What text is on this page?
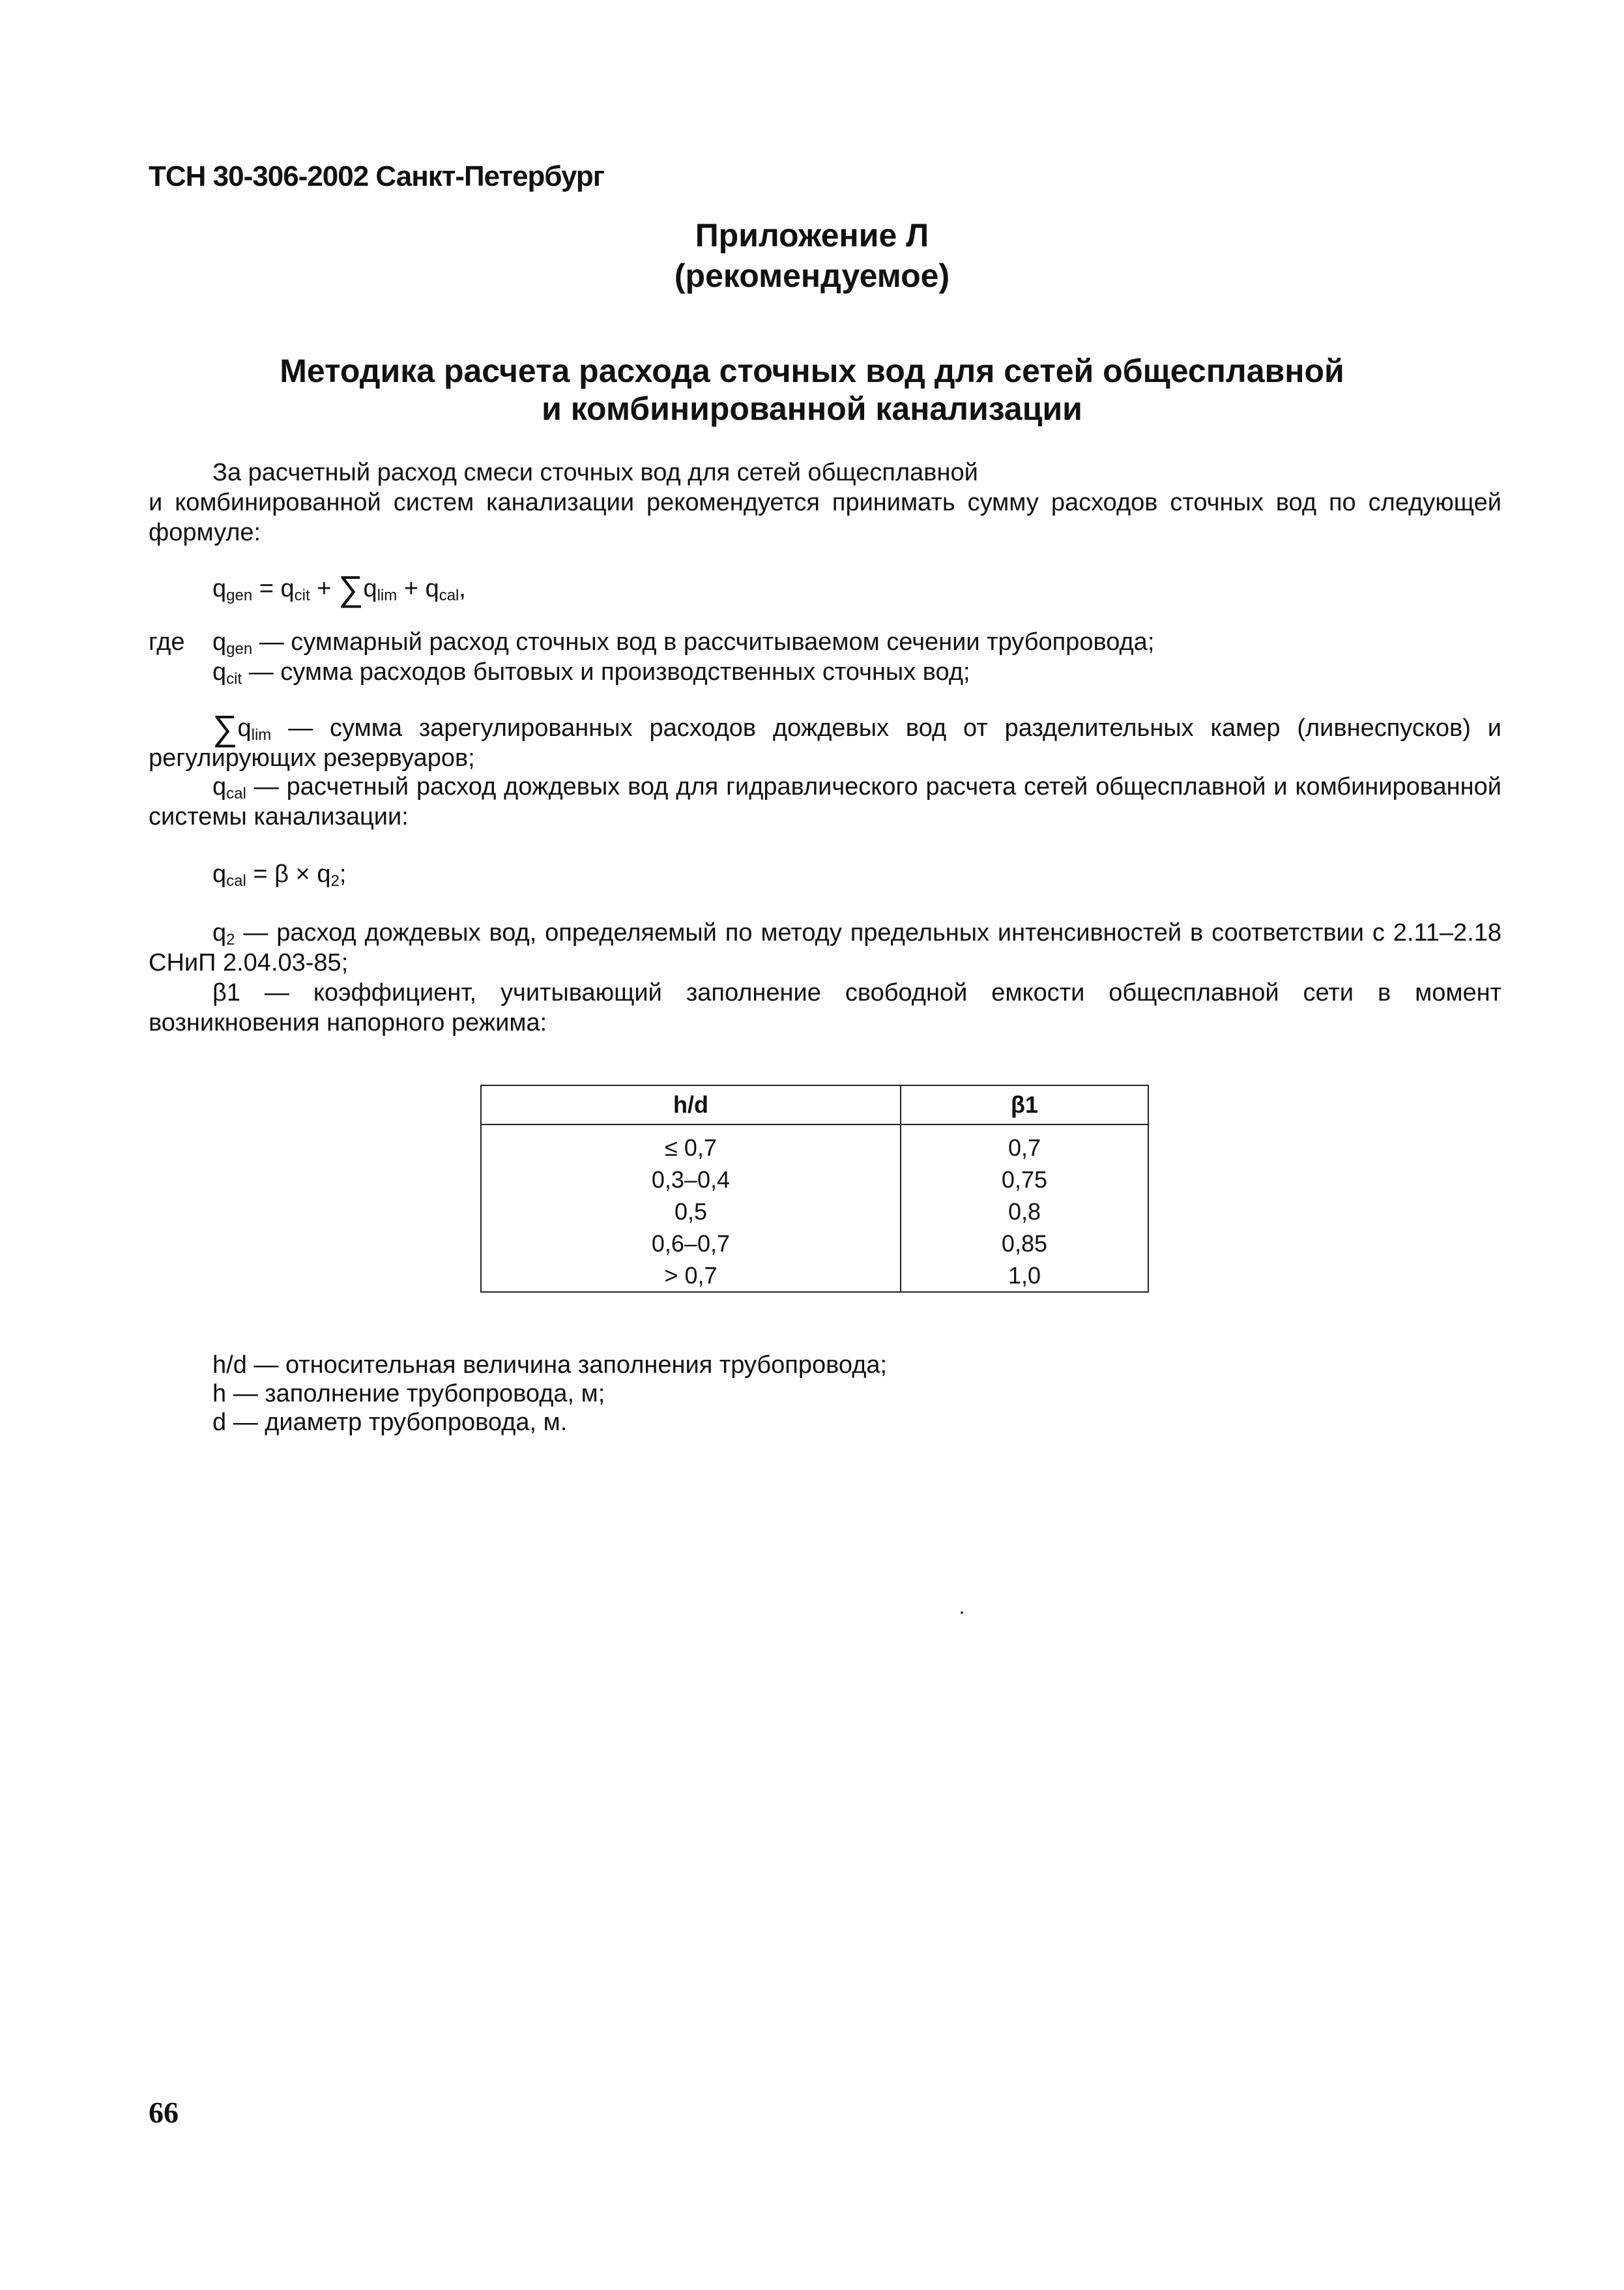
ТСН 30-306-2002 Санкт-Петербург
Приложение Л
(рекомендуемое)
Методика расчета расхода сточных вод для сетей общесплавной
и комбинированной канализации
За расчетный расход смеси сточных вод для сетей общесплавной
и комбинированной систем канализации рекомендуется принимать сумму расходов сточных вод по следующей формуле:
$q_{gen} = q_{cit} + \sum q_{lim} + q_{cal}$,
где $q_{gen}$ — суммарный расход сточных вод в рассчитываемом сечении трубопровода;
$q_{cit}$ — сумма расходов бытовых и производственных сточных вод;
$\sum q_{lim}$ — сумма зарегулированных расходов дождевых вод от разделительных камер (ливнеспусков) и регулирующих резервуаров;
$q_{cal}$ — расчетный расход дождевых вод для гидравлического расчета сетей общесплавной и комбинированной системы канализации:
$q_{cal} = \beta \times q_2$;
$q_2$ — расход дождевых вод, определяемый по методу предельных интенсивностей в соответствии с 2.11–2.18 СНиП 2.04.03-85;
β1 — коэффициент, учитывающий заполнение свободной емкости общесплавной сети в момент возникновения напорного режима:
h/d	β1
≤ 0,7	0,7
0,3–0,4	0,75
0,5	0,8
0,6–0,7	0,85
> 0,7	1,0
h/d — относительная величина заполнения трубопровода;
h — заполнение трубопровода, м;
d — диаметр трубопровода, м.
66
